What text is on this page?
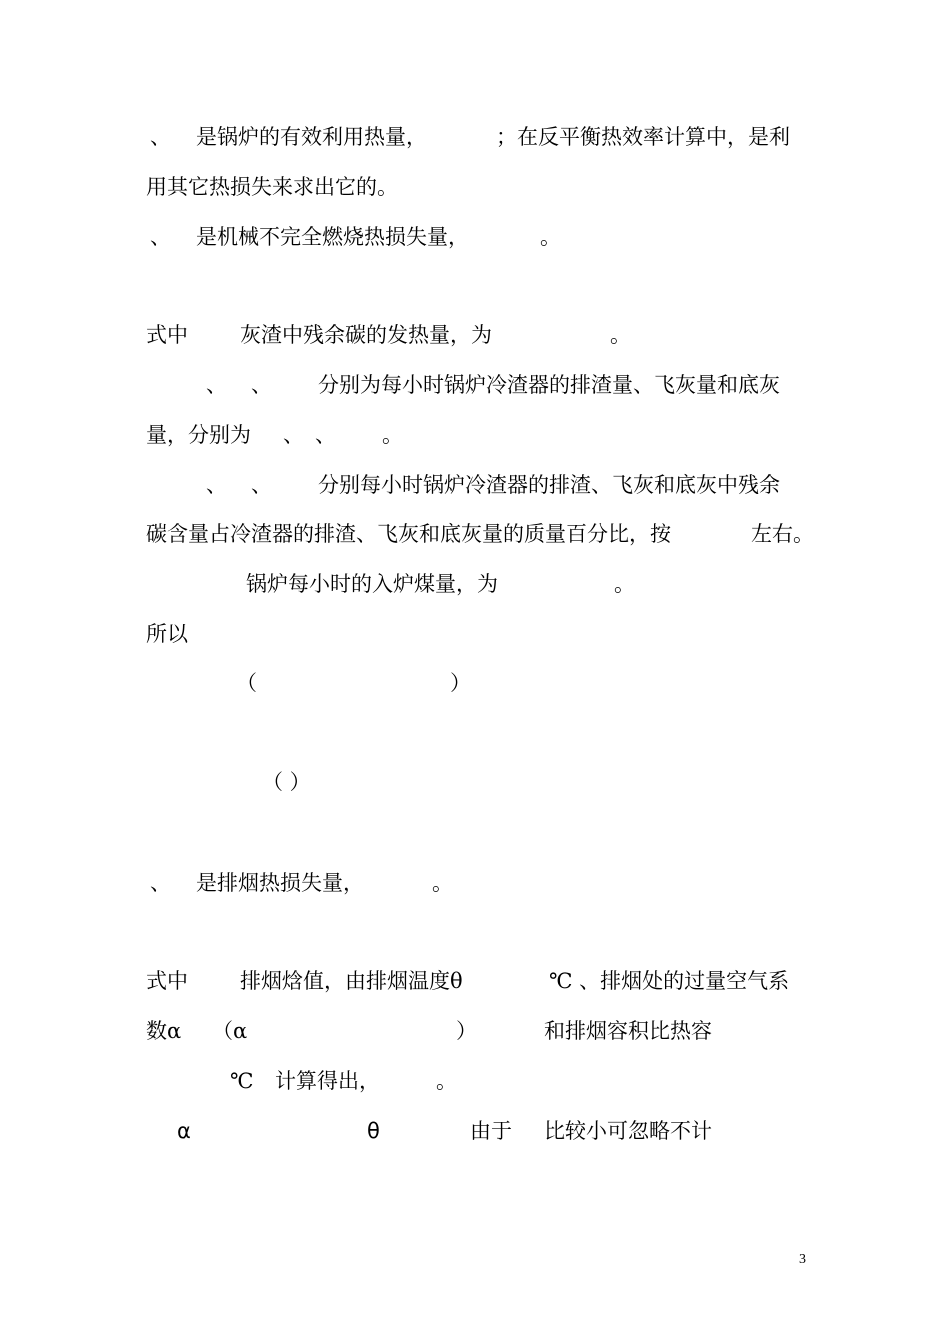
、 是锅炉的有效利用热量，	；在反平衡热效率计算中，是利
用其它热损失来求出它的。
、 是机械不完全燃烧热损失量，	。
式中 灰渣中残余碳的发热量，为	。
、 、 分别为每小时锅炉冷渣器的排渣量、飞灰量和底灰
量，分别为 、 、 。
、 、 分别每小时锅炉冷渣器的排渣、飞灰和底灰中残余
碳含量占冷渣器的排渣、飞灰和底灰量的质量百分比，按	左右。
锅炉每小时的入炉煤量，为	。
所以
（	）
（ ）
、 是排烟热损失量，	。
式中 排烟焓值，由排烟温度θ	℃ 、排烟处的过量空气系
数α （α	）	和排烟容积比热容
℃ 计算得出，	。
α	θ	由于 比较小可忽略不计
3
